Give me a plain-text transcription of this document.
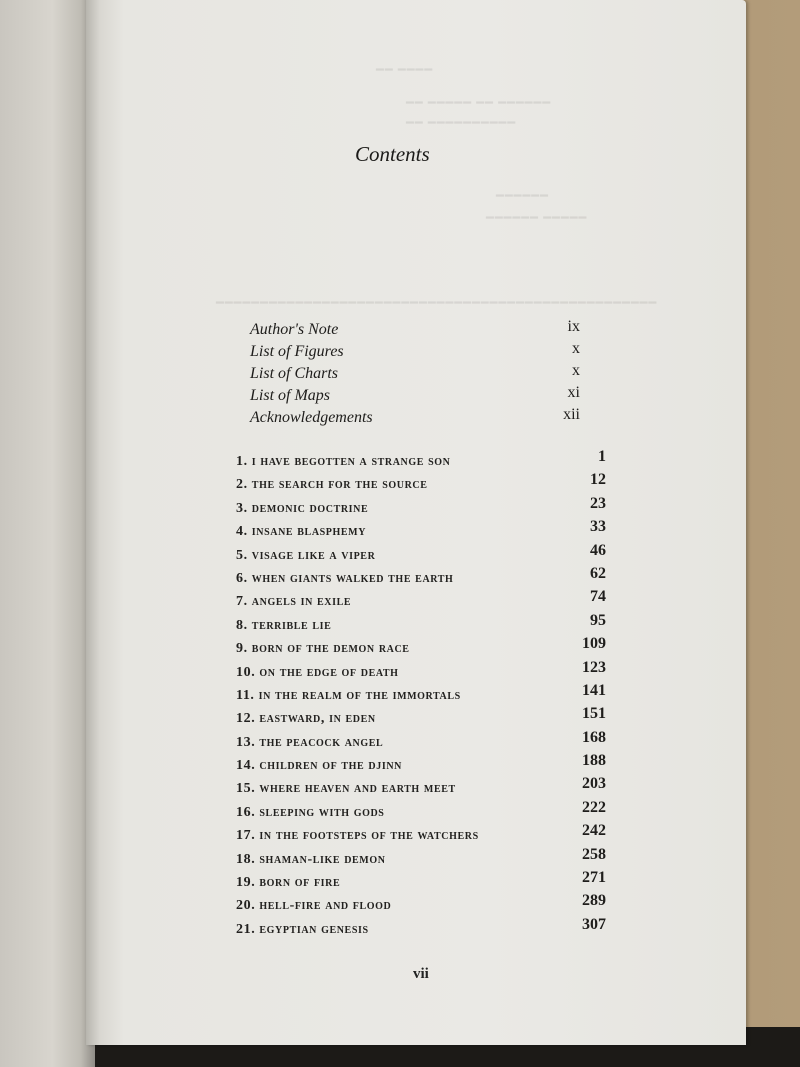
━━ ━━━━
━━ ━━━━━ ━━ ━━━━━━
━━ ━━━━━━━━━━
━━━━━━
━━━━━━ ━━━━━
━━━━━━━━━━━━━━━━━━━━━━━━━━━━━━━━━━━━━━━━━━━━━━━━━━
Contents
Author's Note	ix
List of Figures	x
List of Charts	x
List of Maps	xi
Acknowledgements	xii
1. i have begotten a strange son	1
2. the search for the source	12
3. demonic doctrine	23
4. insane blasphemy	33
5. visage like a viper	46
6. when giants walked the earth	62
7. angels in exile	74
8. terrible lie	95
9. born of the demon race	109
10. on the edge of death	123
11. in the realm of the immortals	141
12. eastward, in eden	151
13. the peacock angel	168
14. children of the djinn	188
15. where heaven and earth meet	203
16. sleeping with gods	222
17. in the footsteps of the watchers	242
18. shaman-like demon	258
19. born of fire	271
20. hell-fire and flood	289
21. egyptian genesis	307
vii
